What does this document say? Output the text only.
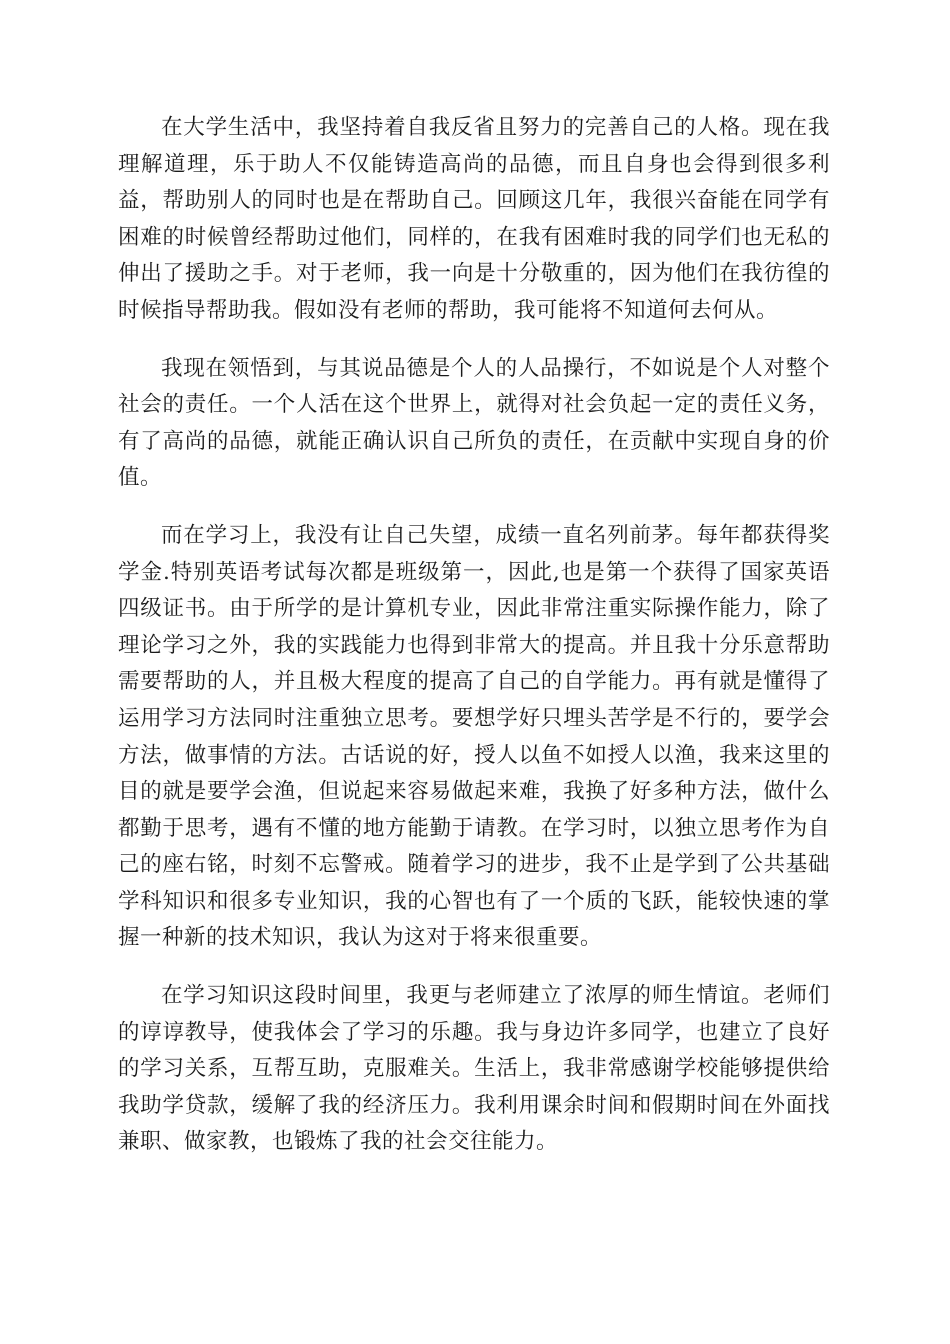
在大学生活中，我坚持着自我反省且努力的完善自己的人格。现在我理解道理，乐于助人不仅能铸造高尚的品德，而且自身也会得到很多利益，帮助别人的同时也是在帮助自己。回顾这几年，我很兴奋能在同学有困难的时候曾经帮助过他们，同样的，在我有困难时我的同学们也无私的伸出了援助之手。对于老师，我一向是十分敬重的，因为他们在我彷徨的时候指导帮助我。假如没有老师的帮助，我可能将不知道何去何从。

我现在领悟到，与其说品德是个人的人品操行，不如说是个人对整个社会的责任。一个人活在这个世界上，就得对社会负起一定的责任义务，有了高尚的品德，就能正确认识自己所负的责任，在贡献中实现自身的价值。

而在学习上，我没有让自己失望，成绩一直名列前茅。每年都获得奖学金.特别英语考试每次都是班级第一，因此,也是第一个获得了国家英语四级证书。由于所学的是计算机专业，因此非常注重实际操作能力，除了理论学习之外，我的实践能力也得到非常大的提高。并且我十分乐意帮助需要帮助的人，并且极大程度的提高了自己的自学能力。再有就是懂得了运用学习方法同时注重独立思考。要想学好只埋头苦学是不行的，要学会方法，做事情的方法。古话说的好，授人以鱼不如授人以渔，我来这里的目的就是要学会渔，但说起来容易做起来难，我换了好多种方法，做什么都勤于思考，遇有不懂的地方能勤于请教。在学习时，以独立思考作为自己的座右铭，时刻不忘警戒。随着学习的进步，我不止是学到了公共基础学科知识和很多专业知识，我的心智也有了一个质的飞跃，能较快速的掌握一种新的技术知识，我认为这对于将来很重要。

在学习知识这段时间里，我更与老师建立了浓厚的师生情谊。老师们的谆谆教导，使我体会了学习的乐趣。我与身边许多同学，也建立了良好的学习关系，互帮互助，克服难关。生活上，我非常感谢学校能够提供给我助学贷款，缓解了我的经济压力。我利用课余时间和假期时间在外面找兼职、做家教，也锻炼了我的社会交往能力。
